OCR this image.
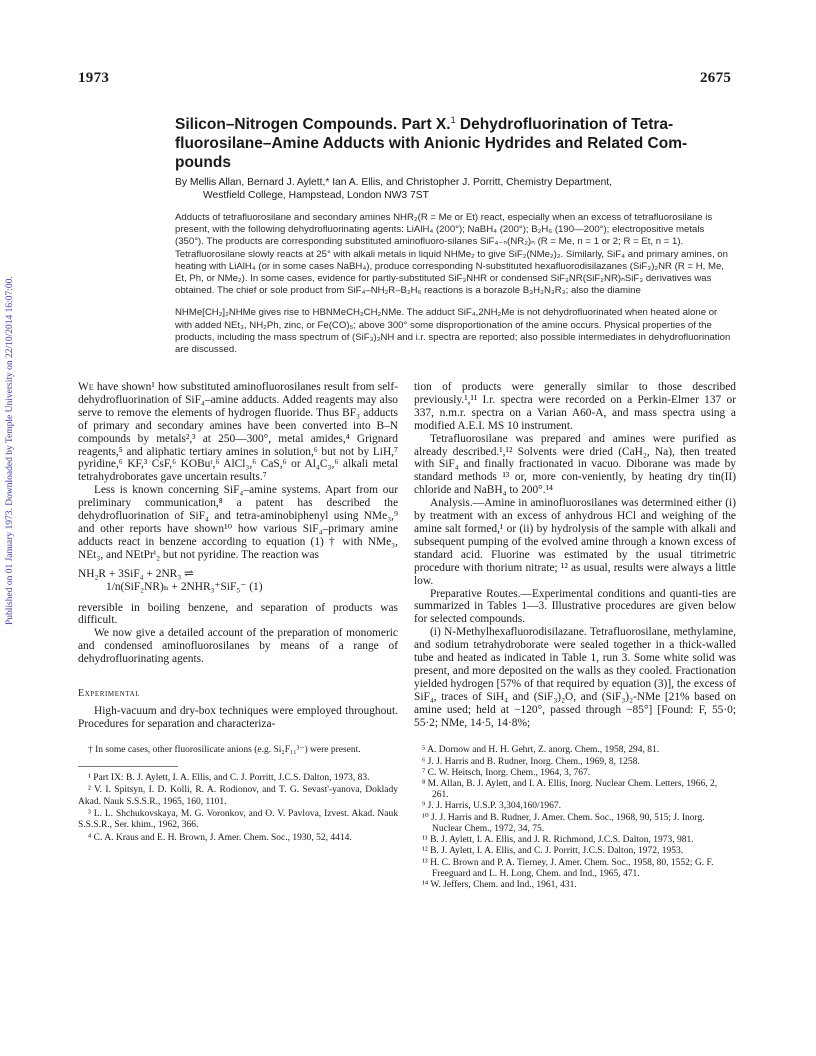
1973	2675
Published on 01 January 1973. Downloaded by Temple University on 22/10/2014 16:07:00.
Silicon–Nitrogen Compounds. Part X.$^1$ Dehydrofluorination of Tetra-fluorosilane–Amine Adducts with Anionic Hydrides and Related Com-pounds
By Mellis Allan, Bernard J. Aylett,* Ian A. Ellis, and Christopher J. Porritt, Chemistry Department,
Westfield College, Hampstead, London NW3 7ST

Adducts of tetrafluorosilane and secondary amines NHR₂(R = Me or Et) react, especially when an excess of tetrafluorosilane is present, with the following dehydrofluorinating agents: LiAlH₄ (200°); NaBH₄ (200°); B₂H₆ (190—200°); electropositive metals (350°). The products are corresponding substituted aminofluoro-silanes SiF₄₋ₙ(NR₂)ₙ (R = Me, n = 1 or 2; R = Et, n = 1). Tetrafluorosilane slowly reacts at 25° with alkali metals in liquid NHMe₂ to give SiF₂(NMe₂)₂. Similarly, SiF₄ and primary amines, on heating with LiAlH₄ (or in some cases NaBH₄), produce corresponding N-substituted hexafluorodisilazanes (SiF₃)₂NR (R = H, Me, Et, Ph, or NMe₂). In some cases, evidence for partly-substituted SiF₃NHR or condensed SiF₃NR(SiF₂NR)ₙSiF₃ derivatives was obtained. The chief or sole product from SiF₄–NH₂R–B₂H₆ reactions is a borazole B₃H₃N₃R₃; also the diamine

NHMe[CH₂]₂NHMe gives rise to HBNMeCH₂CH₂NMe. The adduct SiF₄,2NH₂Me is not dehydrofluorinated when heated alone or with added NEt₃, NH₂Ph, zinc, or Fe(CO)₅; above 300° some disproportionation of the amine occurs. Physical properties of the products, including the mass spectrum of (SiF₃)₂NH and i.r. spectra are reported; also possible intermediates in dehydrofluorination are discussed.

We have shown¹ how substituted aminofluorosilanes result from self-dehydrofluorination of SiF₄–amine adducts. Added reagents may also serve to remove the elements of hydrogen fluoride. Thus BF₃ adducts of primary and secondary amines have been converted into B–N compounds by metals²,³ at 250—300°, metal amides,⁴ Grignard reagents,⁵ and aliphatic tertiary amines in solution,⁶ but not by LiH,⁷ pyridine,⁶ KF,³ CsF,⁶ KOBuᵗ,⁶ AlCl₃,⁶ CaS,⁶ or Al₄C₃,⁶ alkali metal tetrahydroborates gave uncertain results.⁷

Less is known concerning SiF₄–amine systems. Apart from our preliminary communication,⁸ a patent has described the dehydrofluorination of SiF₄ and tetra-aminobiphenyl using NMe₃,⁹ and other reports have shown¹⁰ how various SiF₄–primary amine adducts react in benzene according to equation (1) † with NMe₃, NEt₃, and NEtPrⁱ₂ but not pyridine. The reaction was

NH₂R + 3SiF₄ + 2NR₃ ⇌
1/n(SiF₂NR)ₙ + 2NHR₃⁺SiF₅⁻ (1)

reversible in boiling benzene, and separation of products was difficult.

We now give a detailed account of the preparation of monomeric and condensed aminofluorosilanes by means of a range of dehydrofluorinating agents.

Experimental

High-vacuum and dry-box techniques were employed throughout. Procedures for separation and characteriza-

† In some cases, other fluorosilicate anions (e.g. Si₂F₁₁³⁻) were present.

¹ Part IX: B. J. Aylett, I. A. Ellis, and C. J. Porritt, J.C.S. Dalton, 1973, 83.

² V. I. Spitsyn, I. D. Kolli, R. A. Rodionov, and T. G. Sevast'-yanova, Doklady Akad. Nauk S.S.S.R., 1965, 160, 1101.

³ L. L. Shchukovskaya, M. G. Voronkov, and O. V. Pavlova, Izvest. Akad. Nauk S.S.S.R., Ser. khim., 1962, 366.

⁴ C. A. Kraus and E. H. Brown, J. Amer. Chem. Soc., 1930, 52, 4414.

tion of products were generally similar to those described previously.¹,¹¹ I.r. spectra were recorded on a Perkin-Elmer 137 or 337, n.m.r. spectra on a Varian A60-A, and mass spectra using a modified A.E.I. MS 10 instrument.

Tetrafluorosilane was prepared and amines were purified as already described.¹,¹² Solvents were dried (CaH₂, Na), then treated with SiF₄ and finally fractionated in vacuo. Diborane was made by standard methods ¹³ or, more con-veniently, by heating dry tin(II) chloride and NaBH₄ to 200°.¹⁴

Analysis.—Amine in aminofluorosilanes was determined either (i) by treatment with an excess of anhydrous HCl and weighing of the amine salt formed,¹ or (ii) by hydrolysis of the sample with alkali and subsequent pumping of the evolved amine through a known excess of standard acid. Fluorine was estimated by the usual titrimetric procedure with thorium nitrate; ¹² as usual, results were always a little low.

Preparative Routes.—Experimental conditions and quanti-ties are summarized in Tables 1—3. Illustrative procedures are given below for selected compounds.

(i) N-Methylhexafluorodisilazane. Tetrafluorosilane, methylamine, and sodium tetrahydroborate were sealed together in a thick-walled tube and heated as indicated in Table 1, run 3. Some white solid was present, and more deposited on the walls as they cooled. Fractionation yielded hydrogen [57% of that required by equation (3)], the excess of SiF₄, traces of SiH₄ and (SiF₃)₂O, and (SiF₃)₂-NMe [21% based on amine used; held at −120°, passed through −85°] [Found: F, 55·0; 55·2; NMe, 14·5, 14·8%;

⁵ A. Dornow and H. H. Gehrt, Z. anorg. Chem., 1958, 294, 81.

⁶ J. J. Harris and B. Rudner, Inorg. Chem., 1969, 8, 1258.

⁷ C. W. Heitsch, Inorg. Chem., 1964, 3, 767.

⁸ M. Allan, B. J. Aylett, and I. A. Ellis, Inorg. Nuclear Chem. Letters, 1966, 2, 261.

⁹ J. J. Harris, U.S.P. 3,304,160/1967.

¹⁰ J. J. Harris and B. Rudner, J. Amer. Chem. Soc., 1968, 90, 515; J. Inorg. Nuclear Chem., 1972, 34, 75.

¹¹ B. J. Aylett, I. A. Ellis, and J. R. Richmond, J.C.S. Dalton, 1973, 981.

¹² B. J. Aylett, I. A. Ellis, and C. J. Porritt, J.C.S. Dalton, 1972, 1953.

¹³ H. C. Brown and P. A. Tierney, J. Amer. Chem. Soc., 1958, 80, 1552; G. F. Freeguard and L. H. Long, Chem. and Ind., 1965, 471.

¹⁴ W. Jeffers, Chem. and Ind., 1961, 431.
